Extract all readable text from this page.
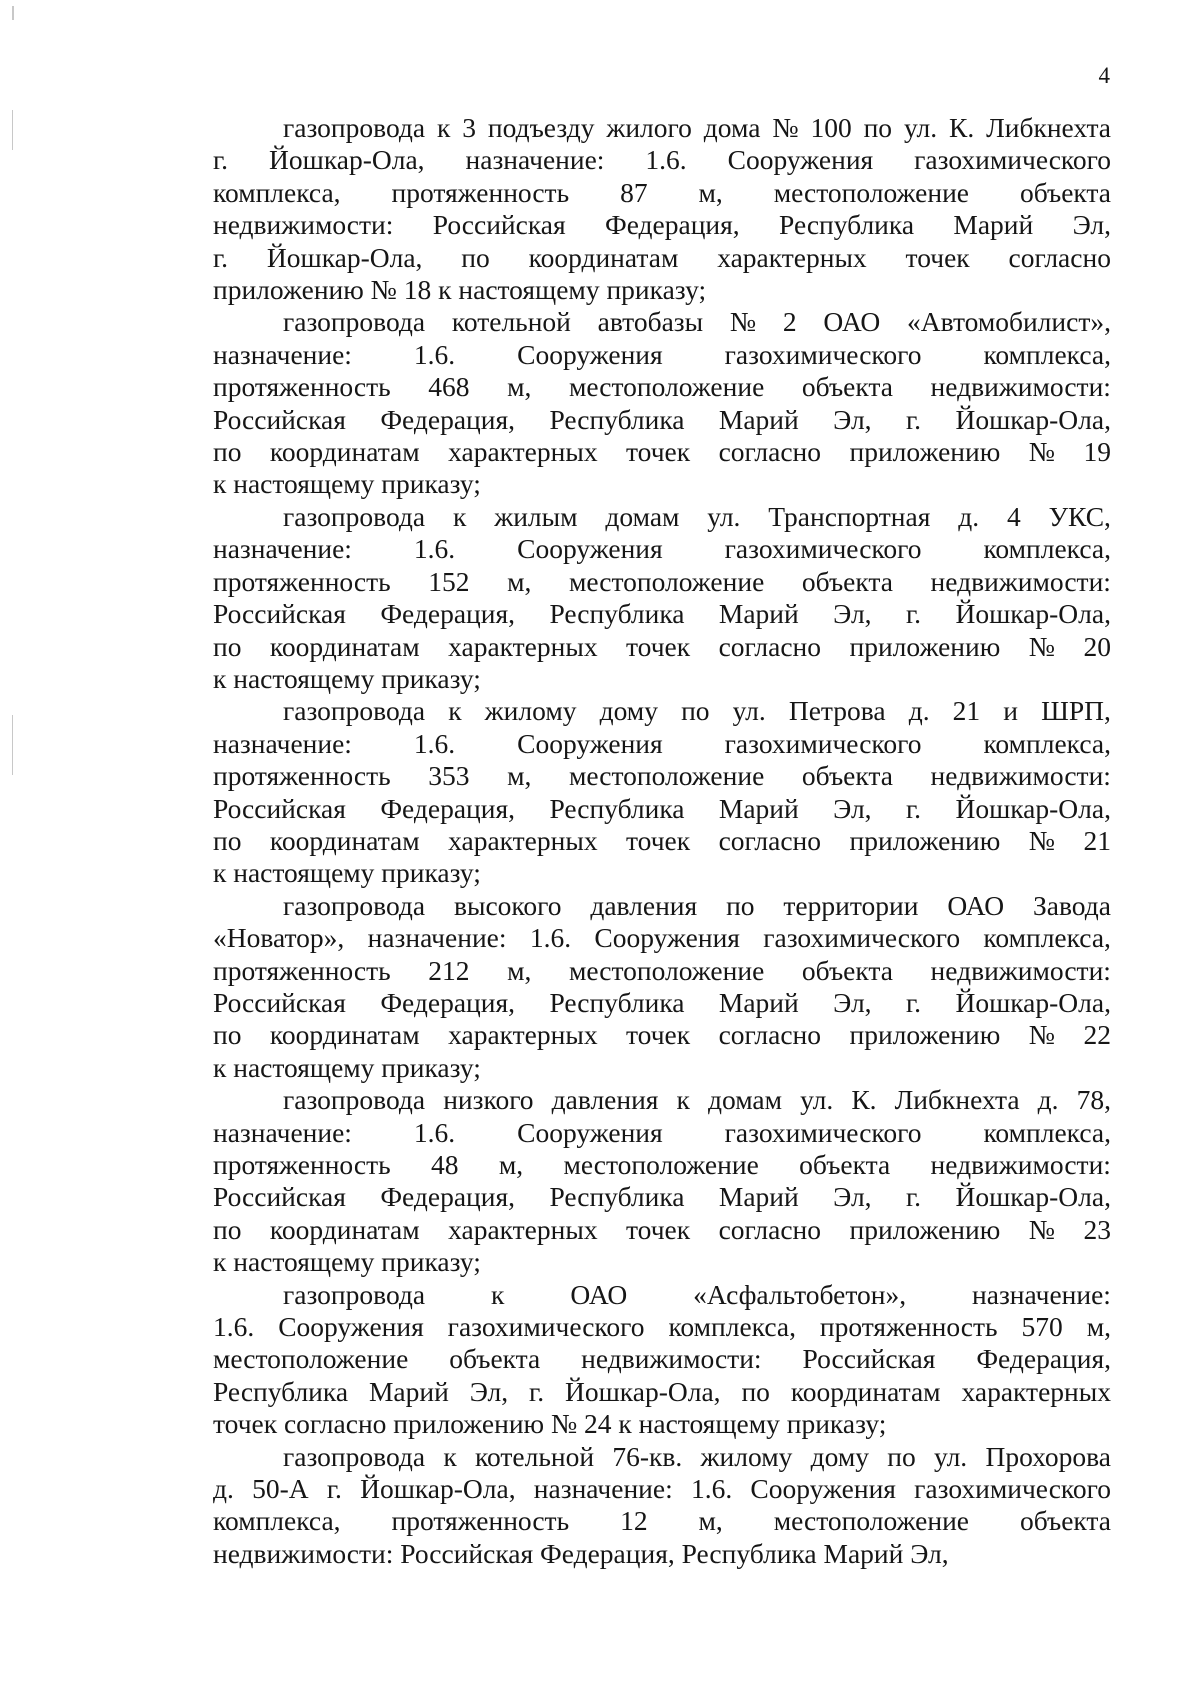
4
газопровода к 3 подъезду жилого дома № 100 по ул. К. Либкнехта
г. Йошкар-Ола, назначение: 1.6. Сооружения газохимического
комплекса, протяженность 87 м, местоположение объекта
недвижимости: Российская Федерация, Республика Марий Эл,
г. Йошкар-Ола, по координатам характерных точек согласно
приложению № 18 к настоящему приказу;
газопровода котельной автобазы № 2 ОАО «Автомобилист»,
назначение: 1.6. Сооружения газохимического комплекса,
протяженность 468 м, местоположение объекта недвижимости:
Российская Федерация, Республика Марий Эл, г. Йошкар-Ола,
по координатам характерных точек согласно приложению № 19
к настоящему приказу;
газопровода к жилым домам ул. Транспортная д. 4 УКС,
назначение: 1.6. Сооружения газохимического комплекса,
протяженность 152 м, местоположение объекта недвижимости:
Российская Федерация, Республика Марий Эл, г. Йошкар-Ола,
по координатам характерных точек согласно приложению № 20
к настоящему приказу;
газопровода к жилому дому по ул. Петрова д. 21 и ШРП,
назначение: 1.6. Сооружения газохимического комплекса,
протяженность 353 м, местоположение объекта недвижимости:
Российская Федерация, Республика Марий Эл, г. Йошкар-Ола,
по координатам характерных точек согласно приложению № 21
к настоящему приказу;
газопровода высокого давления по территории ОАО Завода
«Новатор», назначение: 1.6. Сооружения газохимического комплекса,
протяженность 212 м, местоположение объекта недвижимости:
Российская Федерация, Республика Марий Эл, г. Йошкар-Ола,
по координатам характерных точек согласно приложению № 22
к настоящему приказу;
газопровода низкого давления к домам ул. К. Либкнехта д. 78,
назначение: 1.6. Сооружения газохимического комплекса,
протяженность 48 м, местоположение объекта недвижимости:
Российская Федерация, Республика Марий Эл, г. Йошкар-Ола,
по координатам характерных точек согласно приложению № 23
к настоящему приказу;
газопровода к ОАО «Асфальтобетон», назначение:
1.6. Сооружения газохимического комплекса, протяженность 570 м,
местоположение объекта недвижимости: Российская Федерация,
Республика Марий Эл, г. Йошкар-Ола, по координатам характерных
точек согласно приложению № 24 к настоящему приказу;
газопровода к котельной 76-кв. жилому дому по ул. Прохорова
д. 50-А г. Йошкар-Ола, назначение: 1.6. Сооружения газохимического
комплекса, протяженность 12 м, местоположение объекта
недвижимости: Российская Федерация, Республика Марий Эл,
